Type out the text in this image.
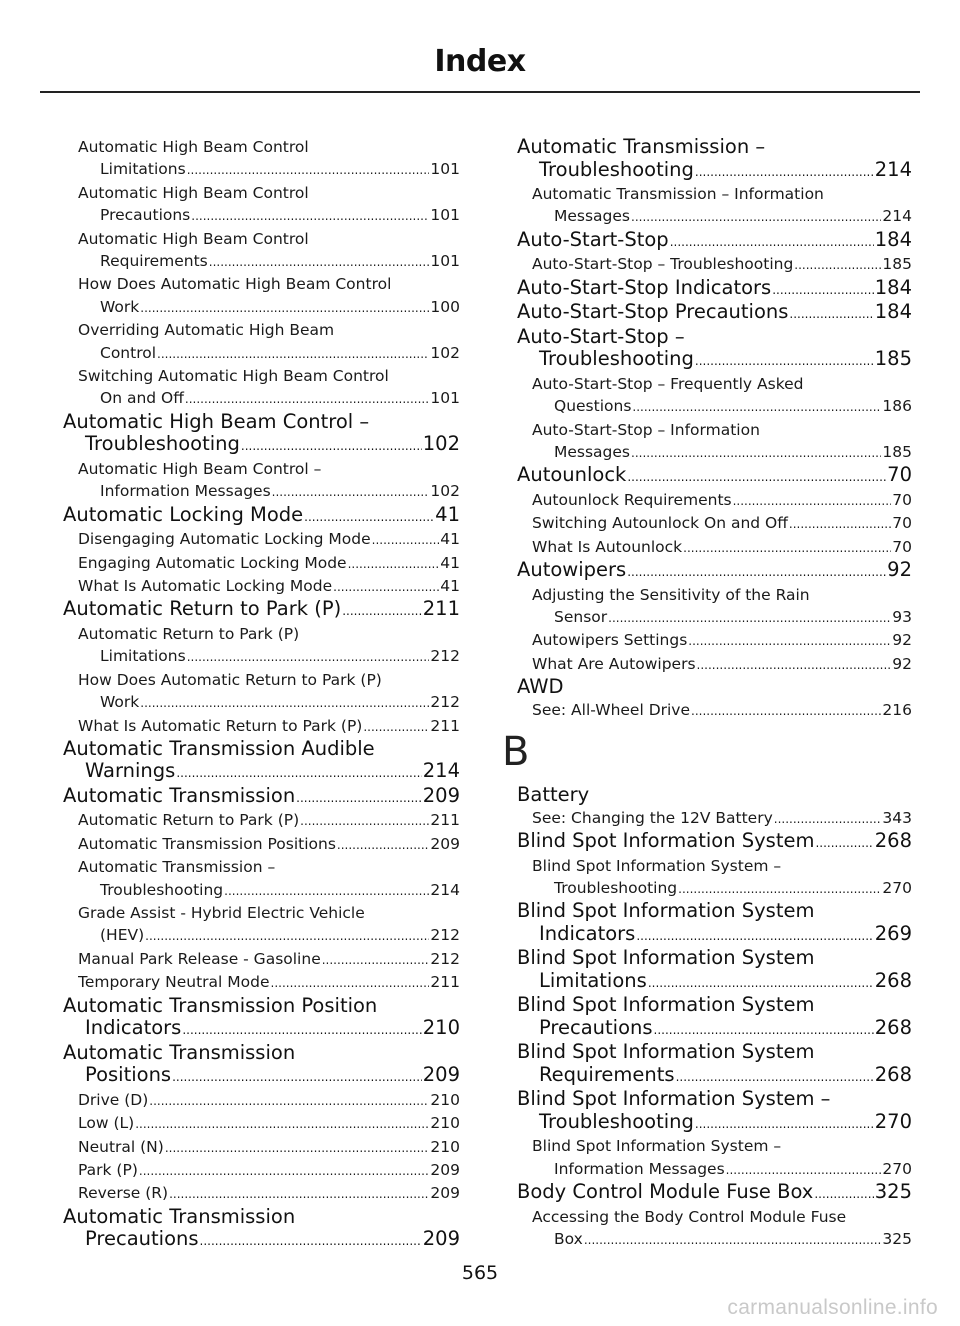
Index
Automatic High Beam Control
Limitations .....	101
Automatic High Beam Control
Precautions .....	101
Automatic High Beam Control
Requirements .....	101
How Does Automatic High Beam Control
Work .....	100
Overriding Automatic High Beam
Control .....	102
Switching Automatic High Beam Control
On and Off .....	101
Automatic High Beam Control –
Troubleshooting .....	102
Automatic High Beam Control –
Information Messages .....	102
Automatic Locking Mode .....	41
Disengaging Automatic Locking Mode .....	41
Engaging Automatic Locking Mode .....	41
What Is Automatic Locking Mode .....	41
Automatic Return to Park (P) .....	211
Automatic Return to Park (P)
Limitations .....	212
How Does Automatic Return to Park (P)
Work .....	212
What Is Automatic Return to Park (P) .....	211
Automatic Transmission Audible
Warnings .....	214
Automatic Transmission .....	209
Automatic Return to Park (P) .....	211
Automatic Transmission Positions .....	209
Automatic Transmission –
Troubleshooting .....	214
Grade Assist - Hybrid Electric Vehicle
(HEV) .....	212
Manual Park Release - Gasoline .....	212
Temporary Neutral Mode .....	211
Automatic Transmission Position
Indicators .....	210
Automatic Transmission
Positions .....	209
Drive (D) .....	210
Low (L) .....	210
Neutral (N) .....	210
Park (P) .....	209
Reverse (R) .....	209
Automatic Transmission
Precautions .....	209
Automatic Transmission –
Troubleshooting .....	214
Automatic Transmission – Information
Messages .....	214
Auto-Start-Stop .....	184
Auto-Start-Stop – Troubleshooting .....	185
Auto-Start-Stop Indicators .....	184
Auto-Start-Stop Precautions .....	184
Auto-Start-Stop –
Troubleshooting .....	185
Auto-Start-Stop – Frequently Asked
Questions .....	186
Auto-Start-Stop – Information
Messages .....	185
Autounlock .....	70
Autounlock Requirements .....	70
Switching Autounlock On and Off .....	70
What Is Autounlock .....	70
Autowipers .....	92
Adjusting the Sensitivity of the Rain
Sensor .....	93
Autowipers Settings .....	92
What Are Autowipers .....	92
AWD
See: All-Wheel Drive .....	216
B
Battery
See: Changing the 12V Battery .....	343
Blind Spot Information System .....	268
Blind Spot Information System –
Troubleshooting .....	270
Blind Spot Information System
Indicators .....	269
Blind Spot Information System
Limitations .....	268
Blind Spot Information System
Precautions .....	268
Blind Spot Information System
Requirements .....	268
Blind Spot Information System –
Troubleshooting .....	270
Blind Spot Information System –
Information Messages .....	270
Body Control Module Fuse Box .....	325
Accessing the Body Control Module Fuse
Box .....	325
565
carmanualsonline.info
